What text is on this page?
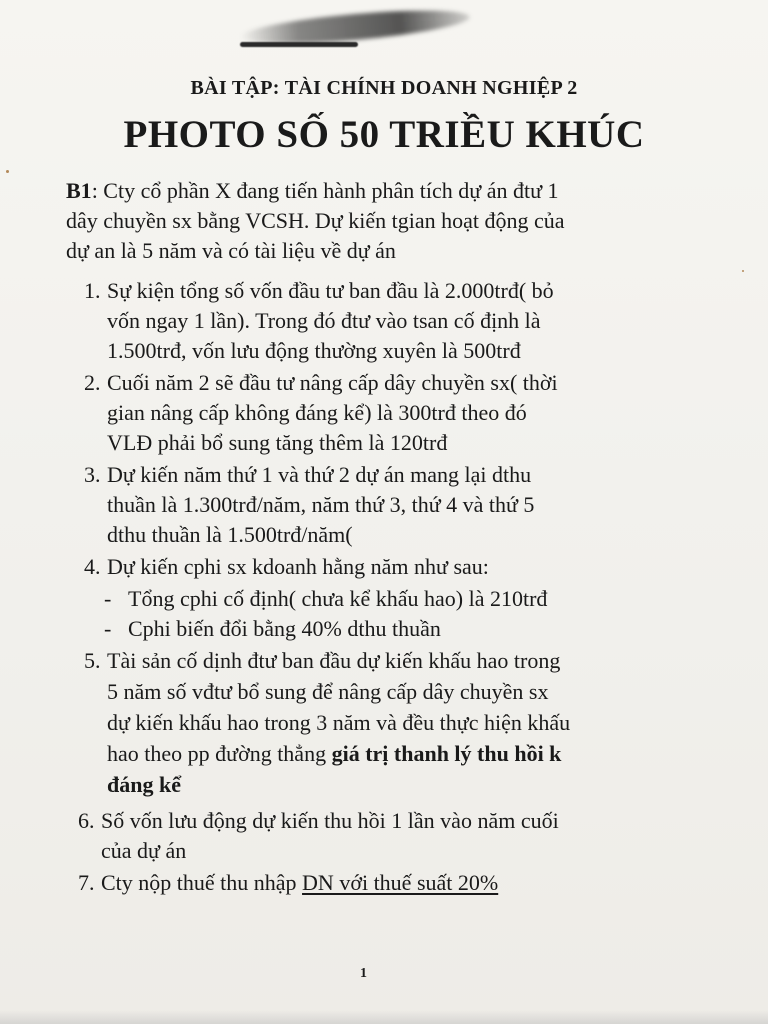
BÀI TẬP: TÀI CHÍNH DOANH NGHIỆP 2
PHOTO SỐ 50 TRIỀU KHÚC
B1: Cty cổ phần X đang tiến hành phân tích dự án đtư 1
dây chuyền sx bằng VCSH. Dự kiến tgian hoạt động của
dự an là 5 năm và có tài liệu về dự án
1. Sự kiện tổng số vốn đầu tư ban đầu là 2.000trđ( bỏ
vốn ngay 1 lần). Trong đó đtư vào tsan cố định là
1.500trđ, vốn lưu động thường xuyên là 500trđ
2. Cuối năm 2 sẽ đầu tư nâng cấp dây chuyền sx( thời
gian nâng cấp không đáng kể) là 300trđ theo đó
VLĐ phải bổ sung tăng thêm là 120trđ
3. Dự kiến năm thứ 1 và thứ 2 dự án mang lại dthu
thuần là 1.300trđ/năm, năm thứ 3, thứ 4 và thứ 5
dthu thuần là 1.500trđ/năm(
4. Dự kiến cphi sx kdoanh hằng năm như sau:
- Tổng cphi cố định( chưa kể khấu hao) là 210trđ
- Cphi biến đổi bằng 40% dthu thuần
5. Tài sản cố dịnh đtư ban đầu dự kiến khấu hao trong
5 năm số vđtư bổ sung để nâng cấp dây chuyền sx
dự kiến khấu hao trong 3 năm và đều thực hiện khấu
hao theo pp đường thẳng giá trị thanh lý thu hồi k
đáng kể
6. Số vốn lưu động dự kiến thu hồi 1 lần vào năm cuối
của dự án
7. Cty nộp thuế thu nhập DN với thuế suất 20%
1
